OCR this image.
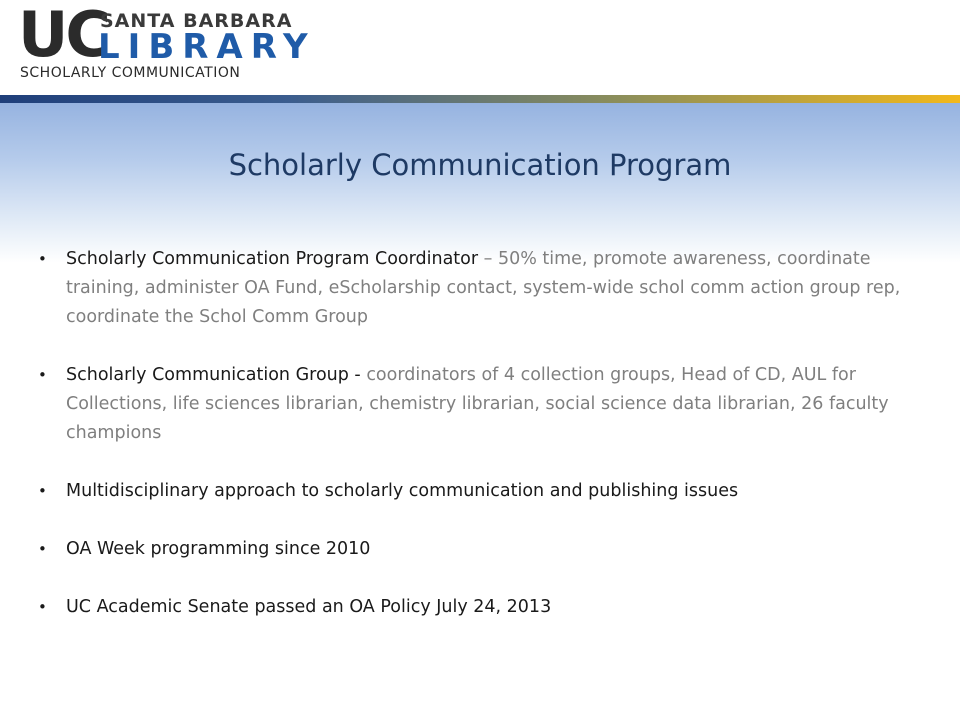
UC
SANTA BARBARA
LIBRARY
SCHOLARLY COMMUNICATION
Scholarly Communication Program
• Scholarly Communication Program Coordinator – 50% time, promote awareness, coordinate training, administer OA Fund, eScholarship contact, system-wide schol comm action group rep, coordinate the Schol Comm Group
• Scholarly Communication Group - coordinators of 4 collection groups, Head of CD, AUL for Collections, life sciences librarian, chemistry librarian, social science data librarian, 26 faculty champions
• Multidisciplinary approach to scholarly communication and publishing issues
• OA Week programming since 2010
• UC Academic Senate passed an OA Policy July 24, 2013
